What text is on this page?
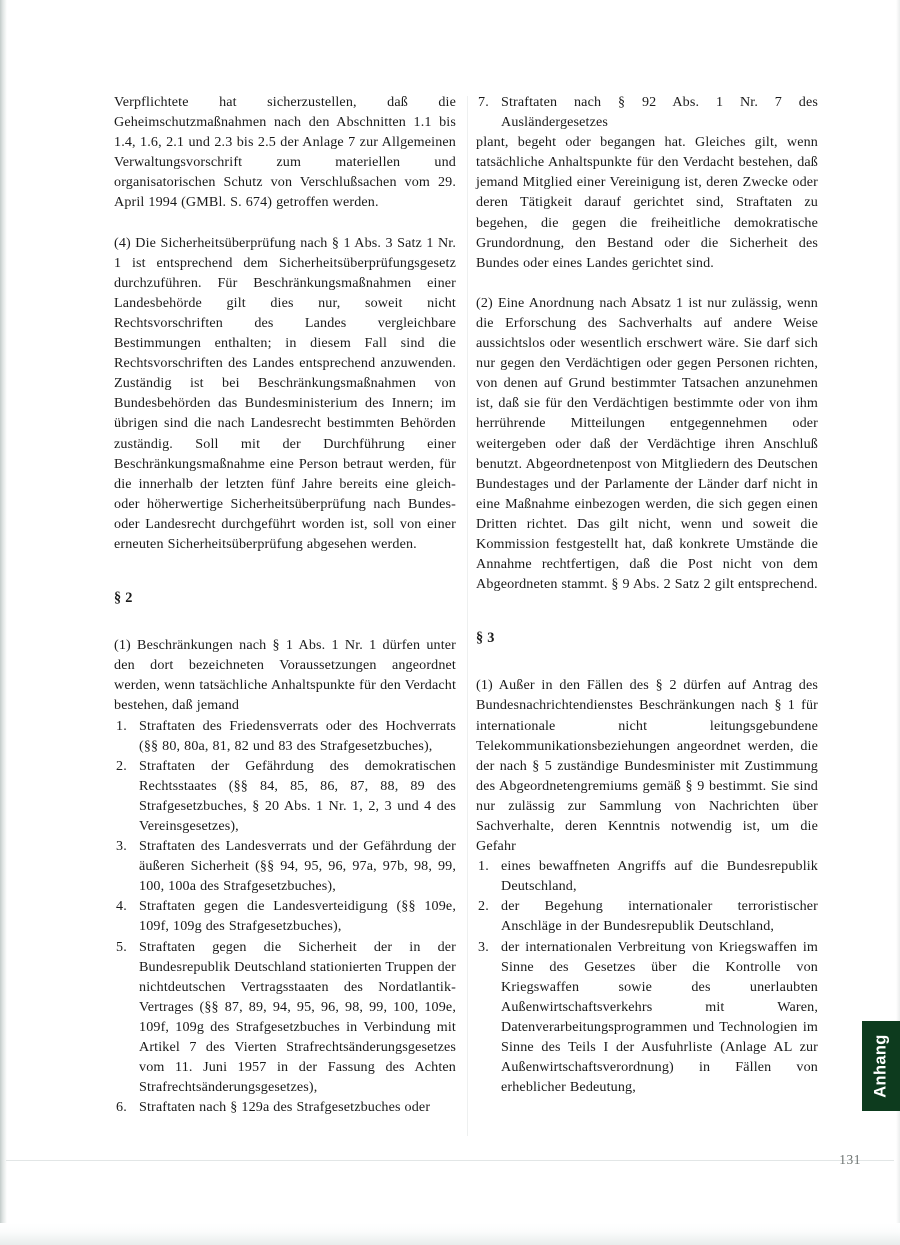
Verpflichtete hat sicherzustellen, daß die Geheimschutzmaßnahmen nach den Abschnitten 1.1 bis 1.4, 1.6, 2.1 und 2.3 bis 2.5 der Anlage 7 zur Allgemeinen Verwaltungsvorschrift zum materiellen und organisatorischen Schutz von Verschlußsachen vom 29. April 1994 (GMBl. S. 674) getroffen werden.

(4) Die Sicherheitsüberprüfung nach § 1 Abs. 3 Satz 1 Nr. 1 ist entsprechend dem Sicherheitsüberprüfungsgesetz durchzuführen. Für Beschränkungsmaßnahmen einer Landesbehörde gilt dies nur, soweit nicht Rechtsvorschriften des Landes vergleichbare Bestimmungen enthalten; in diesem Fall sind die Rechtsvorschriften des Landes entsprechend anzuwenden. Zuständig ist bei Beschränkungsmaßnahmen von Bundesbehörden das Bundesministerium des Innern; im übrigen sind die nach Landesrecht bestimmten Behörden zuständig. Soll mit der Durchführung einer Beschränkungsmaßnahme eine Person betraut werden, für die innerhalb der letzten fünf Jahre bereits eine gleich- oder höherwertige Sicherheitsüberprüfung nach Bundes- oder Landesrecht durchgeführt worden ist, soll von einer erneuten Sicherheitsüberprüfung abgesehen werden.

§ 2

(1) Beschränkungen nach § 1 Abs. 1 Nr. 1 dürfen unter den dort bezeichneten Voraussetzungen angeordnet werden, wenn tatsächliche Anhaltspunkte für den Verdacht bestehen, daß jemand

1. Straftaten des Friedensverrats oder des Hochverrats (§§ 80, 80a, 81, 82 und 83 des Strafgesetzbuches),
2. Straftaten der Gefährdung des demokratischen Rechtsstaates (§§ 84, 85, 86, 87, 88, 89 des Strafgesetzbuches, § 20 Abs. 1 Nr. 1, 2, 3 und 4 des Vereinsgesetzes),
3. Straftaten des Landesverrats und der Gefährdung der äußeren Sicherheit (§§ 94, 95, 96, 97a, 97b, 98, 99, 100, 100a des Strafgesetzbuches),
4. Straftaten gegen die Landesverteidigung (§§ 109e, 109f, 109g des Strafgesetzbuches),
5. Straftaten gegen die Sicherheit der in der Bundesrepublik Deutschland stationierten Truppen der nichtdeutschen Vertragsstaaten des Nordatlantik-Vertrages (§§ 87, 89, 94, 95, 96, 98, 99, 100, 109e, 109f, 109g des Strafgesetzbuches in Verbindung mit Artikel 7 des Vierten Strafrechtsänderungsgesetzes vom 11. Juni 1957 in der Fassung des Achten Strafrechtsänderungsgesetzes),
6. Straftaten nach § 129a des Strafgesetzbuches oder
7. Straftaten nach § 92 Abs. 1 Nr. 7 des Ausländergesetzes

plant, begeht oder begangen hat. Gleiches gilt, wenn tatsächliche Anhaltspunkte für den Verdacht bestehen, daß jemand Mitglied einer Vereinigung ist, deren Zwecke oder deren Tätigkeit darauf gerichtet sind, Straftaten zu begehen, die gegen die freiheitliche demokratische Grundordnung, den Bestand oder die Sicherheit des Bundes oder eines Landes gerichtet sind.

(2) Eine Anordnung nach Absatz 1 ist nur zulässig, wenn die Erforschung des Sachverhalts auf andere Weise aussichtslos oder wesentlich erschwert wäre. Sie darf sich nur gegen den Verdächtigen oder gegen Personen richten, von denen auf Grund bestimmter Tatsachen anzunehmen ist, daß sie für den Verdächtigen bestimmte oder von ihm herrührende Mitteilungen entgegennehmen oder weitergeben oder daß der Verdächtige ihren Anschluß benutzt. Abgeordnetenpost von Mitgliedern des Deutschen Bundestages und der Parlamente der Länder darf nicht in eine Maßnahme einbezogen werden, die sich gegen einen Dritten richtet. Das gilt nicht, wenn und soweit die Kommission festgestellt hat, daß konkrete Umstände die Annahme rechtfertigen, daß die Post nicht von dem Abgeordneten stammt. § 9 Abs. 2 Satz 2 gilt entsprechend.

§ 3

(1) Außer in den Fällen des § 2 dürfen auf Antrag des Bundesnachrichtendienstes Beschränkungen nach § 1 für internationale nicht leitungsgebundene Telekommunikationsbeziehungen angeordnet werden, die der nach § 5 zuständige Bundesminister mit Zustimmung des Abgeordnetengremiums gemäß § 9 bestimmt. Sie sind nur zulässig zur Sammlung von Nachrichten über Sachverhalte, deren Kenntnis notwendig ist, um die Gefahr

1. eines bewaffneten Angriffs auf die Bundesrepublik Deutschland,
2. der Begehung internationaler terroristischer Anschläge in der Bundesrepublik Deutschland,
3. der internationalen Verbreitung von Kriegswaffen im Sinne des Gesetzes über die Kontrolle von Kriegswaffen sowie des unerlaubten Außenwirtschaftsverkehrs mit Waren, Datenverarbeitungsprogrammen und Technologien im Sinne des Teils I der Ausfuhrliste (Anlage AL zur Außenwirtschaftsverordnung) in Fällen von erheblicher Bedeutung,	Anhang
131
